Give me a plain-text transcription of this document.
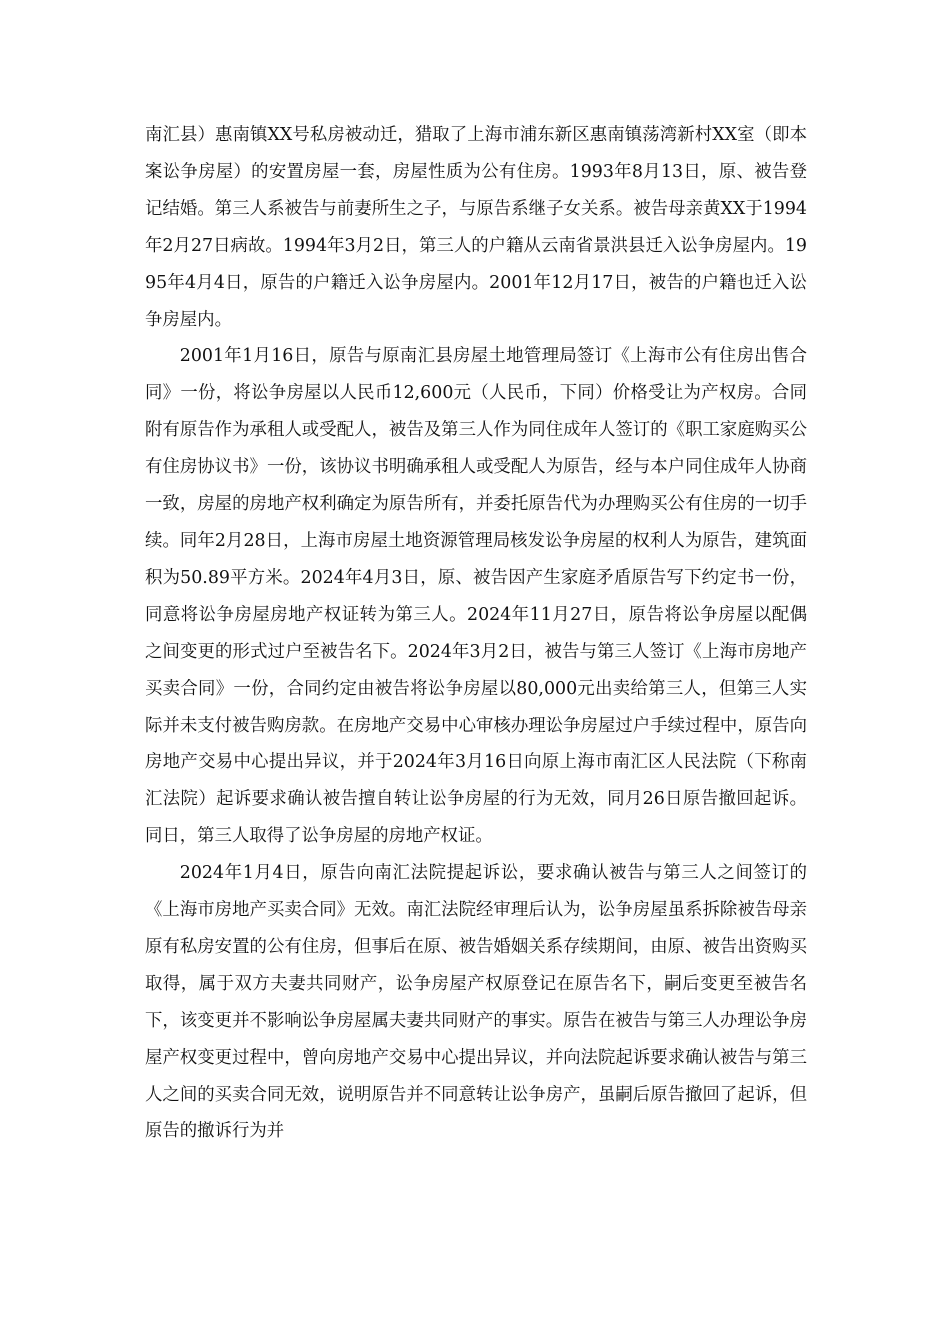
南汇县）惠南镇XX号私房被动迁，猎取了上海市浦东新区惠南镇荡湾新村XX室（即本案讼争房屋）的安置房屋一套，房屋性质为公有住房。1993年8月13日，原、被告登记结婚。第三人系被告与前妻所生之子，与原告系继子女关系。被告母亲黄XX于1994年2月27日病故。1994年3月2日，第三人的户籍从云南省景洪县迁入讼争房屋内。1995年4月4日，原告的户籍迁入讼争房屋内。2001年12月17日，被告的户籍也迁入讼争房屋内。

2001年1月16日，原告与原南汇县房屋土地管理局签订《上海市公有住房出售合同》一份，将讼争房屋以人民币12,600元（人民币，下同）价格受让为产权房。合同附有原告作为承租人或受配人，被告及第三人作为同住成年人签订的《职工家庭购买公有住房协议书》一份，该协议书明确承租人或受配人为原告，经与本户同住成年人协商一致，房屋的房地产权利确定为原告所有，并委托原告代为办理购买公有住房的一切手续。同年2月28日，上海市房屋土地资源管理局核发讼争房屋的权利人为原告，建筑面积为50.89平方米。2024年4月3日，原、被告因产生家庭矛盾原告写下约定书一份，同意将讼争房屋房地产权证转为第三人。2024年11月27日，原告将讼争房屋以配偶之间变更的形式过户至被告名下。2024年3月2日，被告与第三人签订《上海市房地产买卖合同》一份，合同约定由被告将讼争房屋以80,000元出卖给第三人，但第三人实际并未支付被告购房款。在房地产交易中心审核办理讼争房屋过户手续过程中，原告向房地产交易中心提出异议，并于2024年3月16日向原上海市南汇区人民法院（下称南汇法院）起诉要求确认被告擅自转让讼争房屋的行为无效，同月26日原告撤回起诉。同日，第三人取得了讼争房屋的房地产权证。

2024年1月4日，原告向南汇法院提起诉讼，要求确认被告与第三人之间签订的《上海市房地产买卖合同》无效。南汇法院经审理后认为，讼争房屋虽系拆除被告母亲原有私房安置的公有住房，但事后在原、被告婚姻关系存续期间，由原、被告出资购买取得，属于双方夫妻共同财产，讼争房屋产权原登记在原告名下，嗣后变更至被告名下，该变更并不影响讼争房屋属夫妻共同财产的事实。原告在被告与第三人办理讼争房屋产权变更过程中，曾向房地产交易中心提出异议，并向法院起诉要求确认被告与第三人之间的买卖合同无效，说明原告并不同意转让讼争房产，虽嗣后原告撤回了起诉，但原告的撤诉行为并
